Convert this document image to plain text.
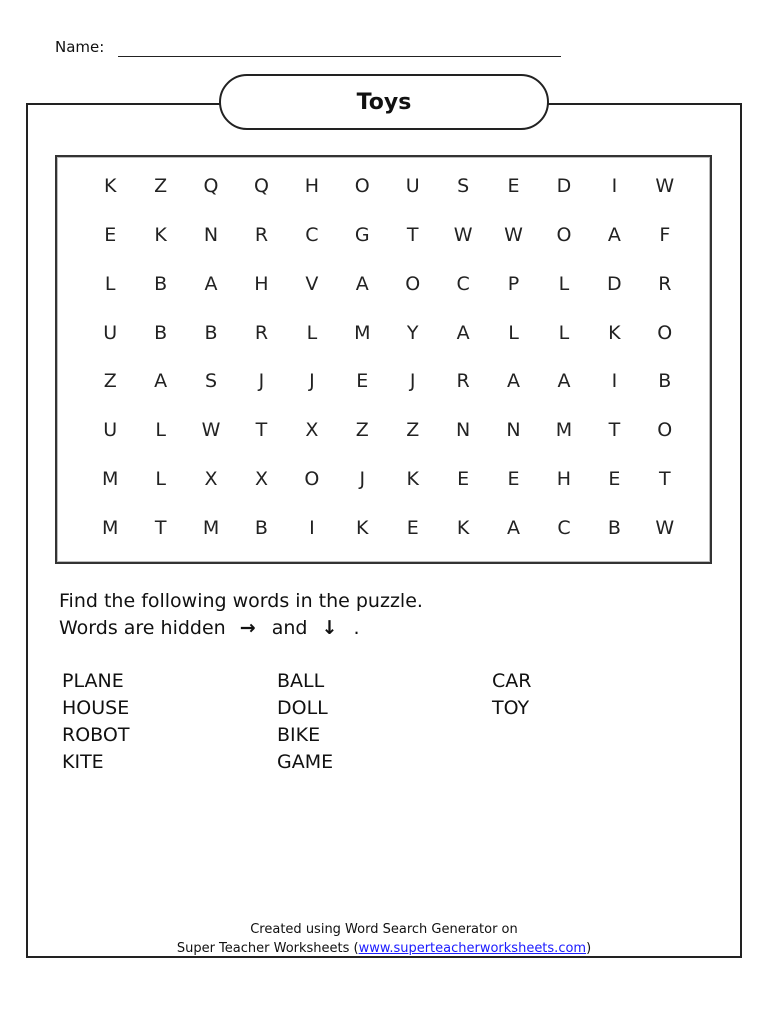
Name:
Toys
K	Z	Q	Q	H	O	U	S	E	D	I	W
E	K	N	R	C	G	T	W	W	O	A	F
L	B	A	H	V	A	O	C	P	L	D	R
U	B	B	R	L	M	Y	A	L	L	K	O
Z	A	S	J	J	E	J	R	A	A	I	B
U	L	W	T	X	Z	Z	N	N	M	T	O
M	L	X	X	O	J	K	E	E	H	E	T
M	T	M	B	I	K	E	K	A	C	B	W
Find the following words in the puzzle.
Words are hidden → and ↓ .
PLANE	BALL	CAR
HOUSE	DOLL	TOY
ROBOT	BIKE
KITE	GAME
Created using Word Search Generator on
Super Teacher Worksheets (www.superteacherworksheets.com)
